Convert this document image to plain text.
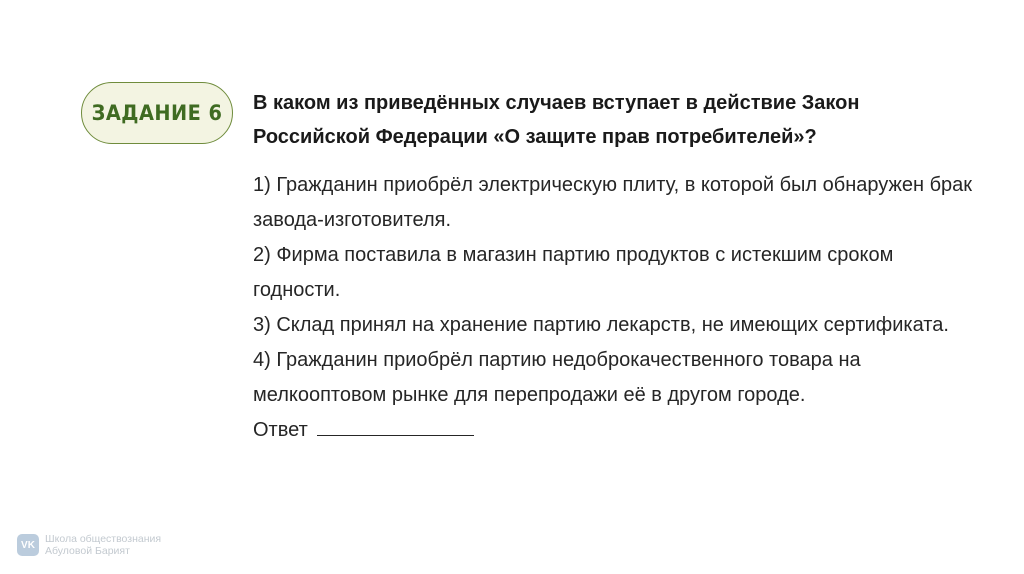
ЗАДАНИЕ 6 В каком из приведённых случаев вступает в действие Закон Российской Федерации «О защите прав потребителей»?

1) Гражданин приобрёл электрическую плиту, в которой был обнаружен брак завода-изготовителя.

2) Фирма поставила в магазин партию продуктов с истекшим сроком годности.

3) Склад принял на хранение партию лекарств, не имеющих сертификата.

4) Гражданин приобрёл партию недоброкачественного товара на мелкооптовом рынке для перепродажи её в другом городе.

Ответ

VK Школа обществознания
Абуловой Барият
